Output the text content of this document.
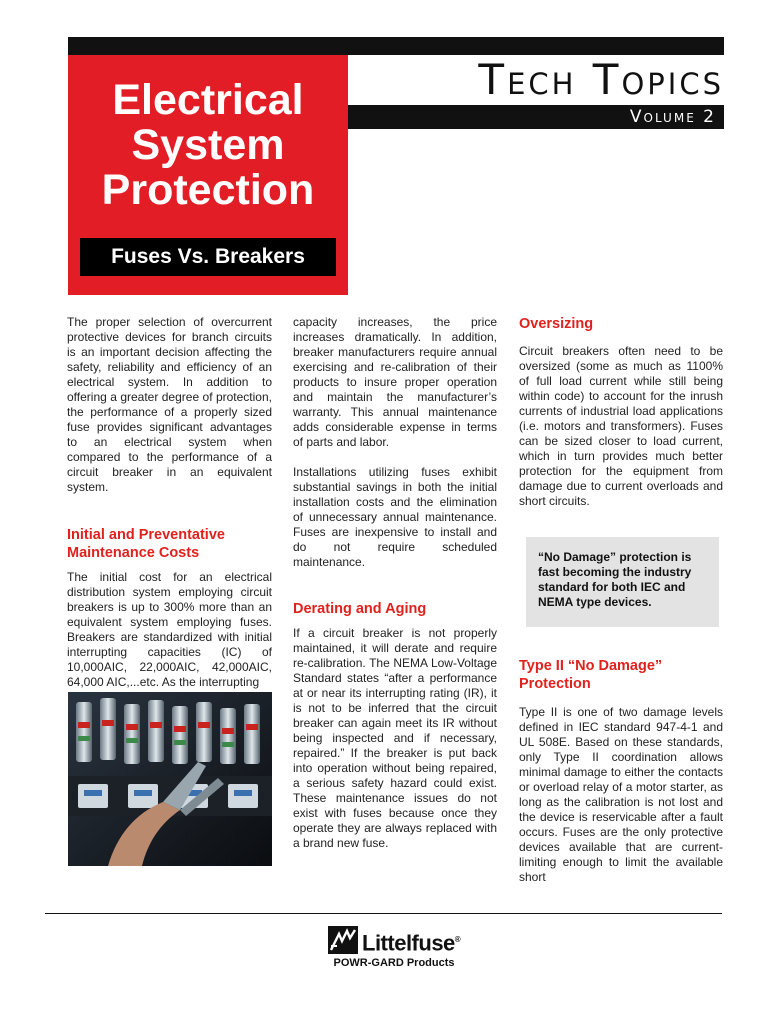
Tech Topics
Volume 2
Electrical
System
Protection
Fuses Vs. Breakers

The proper selection of overcurrent protective devices for branch circuits is an important decision affecting the safety, reliability and efficiency of an electrical system. In addition to offering a greater degree of protection, the performance of a properly sized fuse provides significant advantages to an electrical system when compared to the performance of a circuit breaker in an equivalent system.

Initial and Preventative Maintenance Costs

The initial cost for an electrical distribution system employing circuit breakers is up to 300% more than an equivalent system employing fuses. Breakers are standardized with initial interrupting capacities (IC) of 10,000AIC, 22,000AIC, 42,000AIC, 64,000 AIC,...etc. As the interrupting

capacity increases, the price increases dramatically. In addition, breaker manufacturers require annual exercising and re-calibration of their products to insure proper operation and maintain the manufacturer’s warranty. This annual maintenance adds considerable expense in terms of parts and labor.

Installations utilizing fuses exhibit substantial savings in both the initial installation costs and the elimination of unnecessary annual maintenance. Fuses are inexpensive to install and do not require scheduled maintenance.

Derating and Aging

If a circuit breaker is not properly maintained, it will derate and require re-calibration. The NEMA Low-Voltage Standard states “after a performance at or near its interrupting rating (IR), it is not to be inferred that the circuit breaker can again meet its IR without being inspected and if necessary, repaired.” If the breaker is put back into operation without being repaired, a serious safety hazard could exist. These maintenance issues do not exist with fuses because once they operate they are always replaced with a brand new fuse.

Oversizing

Circuit breakers often need to be oversized (some as much as 1100% of full load current while still being within code) to account for the inrush currents of industrial load applications (i.e. motors and transformers). Fuses can be sized closer to load current, which in turn provides much better protection for the equipment from damage due to current overloads and short circuits.

“No Damage” protection is fast becoming the industry standard for both IEC and NEMA type devices.
Type II “No Damage” Protection

Type II is one of two damage levels defined in IEC standard 947-4-1 and UL 508E. Based on these standards, only Type II coordination allows minimal damage to either the contacts or overload relay of a motor starter, as long as the calibration is not lost and the device is reservicable after a fault occurs. Fuses are the only protective devices available that are current-limiting enough to limit the available short

Littelfuse®
POWR-GARD Products
